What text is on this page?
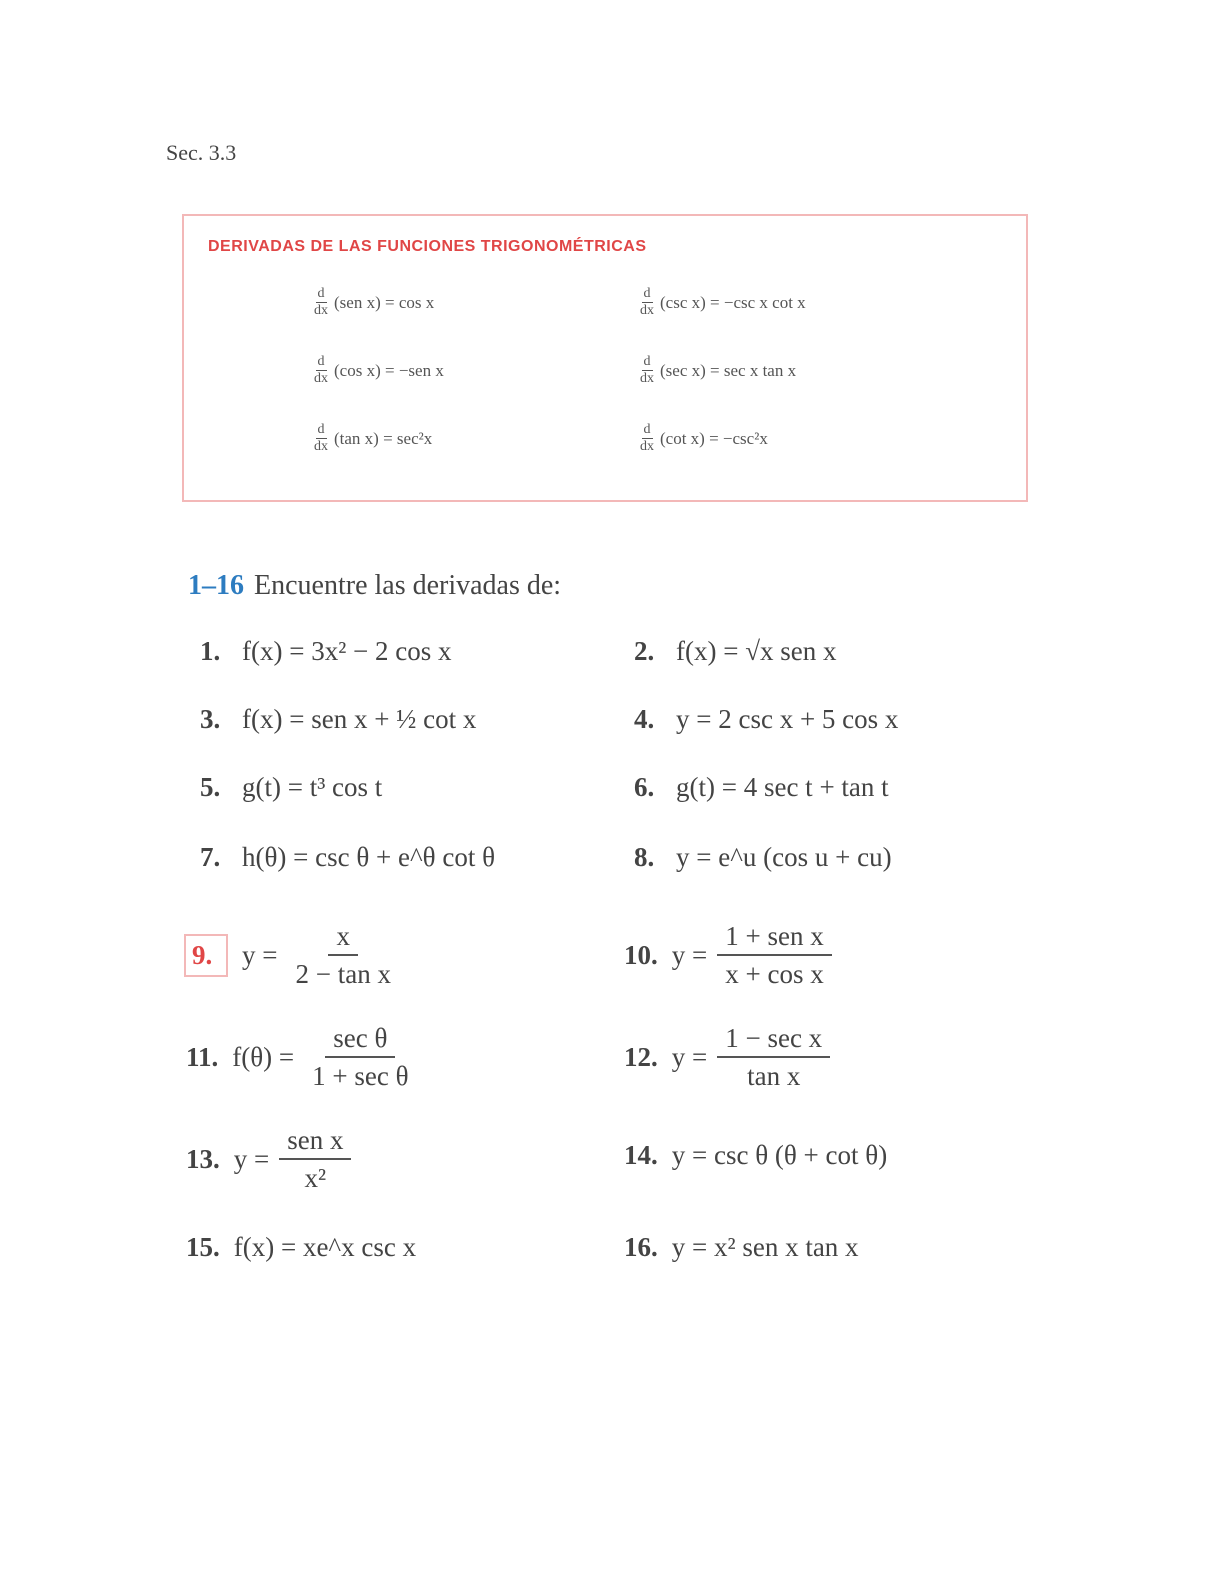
Sec. 3.3
DERIVADAS DE LAS FUNCIONES TRIGONOMÉTRICAS
$\frac{d}{dx} (sen$ x) = cos x	$\frac{d}{dx} (\csc$ x) = −csc x cot x
$\frac{d}{dx} (\cos$ x) = −sen x	$\frac{d}{dx} (\sec$ x) = sec x tan x
$\frac{d}{dx} (\tan$ x) = sec²x	$\frac{d}{dx} (\cot$ x) = −csc²x
1–16 Encuentre las derivadas de:
1. f(x) = 3x² − 2 cos x	2. f(x) = √x sen x
3. f(x) = sen x + ½ cot x	4. y = 2 csc x + 5 cos x
5. g(t) = t³ cos t	6. g(t) = 4 sec t + tan t
7. h(θ) = csc θ + e^θ cot θ	8. y = e^u (cos u + cu)
9.	$y = \frac{x}{\text{2 − tan x}}$	10. $y = \frac{\text{1 + sen x}}{\text{x + cos x}}$
11. $f(\theta) = \frac{\text{sec θ}}{\text{1 + sec θ}}$	12. $y = \frac{\text{1 − sec x}}{\text{tan x}}$
13. $y = \frac{\text{sen x}}{\text{x²}}$	14. y = csc θ (θ + cot θ)
15. f(x) = xe^x csc x	16. y = x² sen x tan x
